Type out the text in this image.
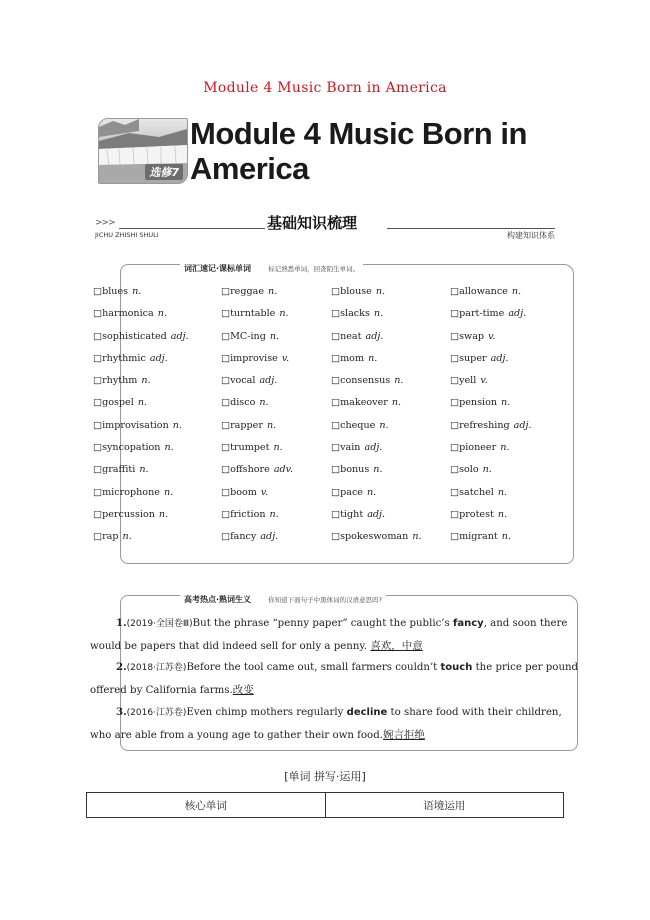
Module 4 Music Born in America
选修7
Module 4 Music Born in
America
>>>
JICHU ZHISHI SHULI
基础知识梳理
构建知识体系
词汇速记·课标单词	标记熟悉单词，回查陌生单词。
□blues n.	□reggae n.	□blouse n.	□allowance n.
□harmonica n.	□turntable n.	□slacks n.	□part-time adj.
□sophisticated adj.	□MC-ing n.	□neat adj.	□swap v.
□rhythmic adj.	□improvise v.	□mom n.	□super adj.
□rhythm n.	□vocal adj.	□consensus n.	□yell v.
□gospel n.	□disco n.	□makeover n.	□pension n.
□improvisation n.	□rapper n.	□cheque n.	□refreshing adj.
□syncopation n.	□trumpet n.	□vain adj.	□pioneer n.
□graffiti n.	□offshore adv.	□bonus n.	□solo n.
□microphone n.	□boom v.	□pace n.	□satchel n.
□percussion n.	□friction n.	□tight adj.	□protest n.
□rap n.	□fancy adj.	□spokeswoman n.	□migrant n.
高考热点·熟词生义	你知道下面句子中黑体词的汉语意思吗?
1.(2019·全国卷Ⅲ)But the phrase “penny paper” caught the public’s fancy, and soon there would be papers that did indeed sell for only a penny. 喜欢，中意
2.(2018·江苏卷)Before the tool came out, small farmers couldn’t touch the price per pound offered by California farms.改变
3.(2016·江苏卷)Even chimp mothers regularly decline to share food with their children, who are able from a young age to gather their own food.婉言拒绝
[单词 拼写·运用]
核心单词	语境运用
